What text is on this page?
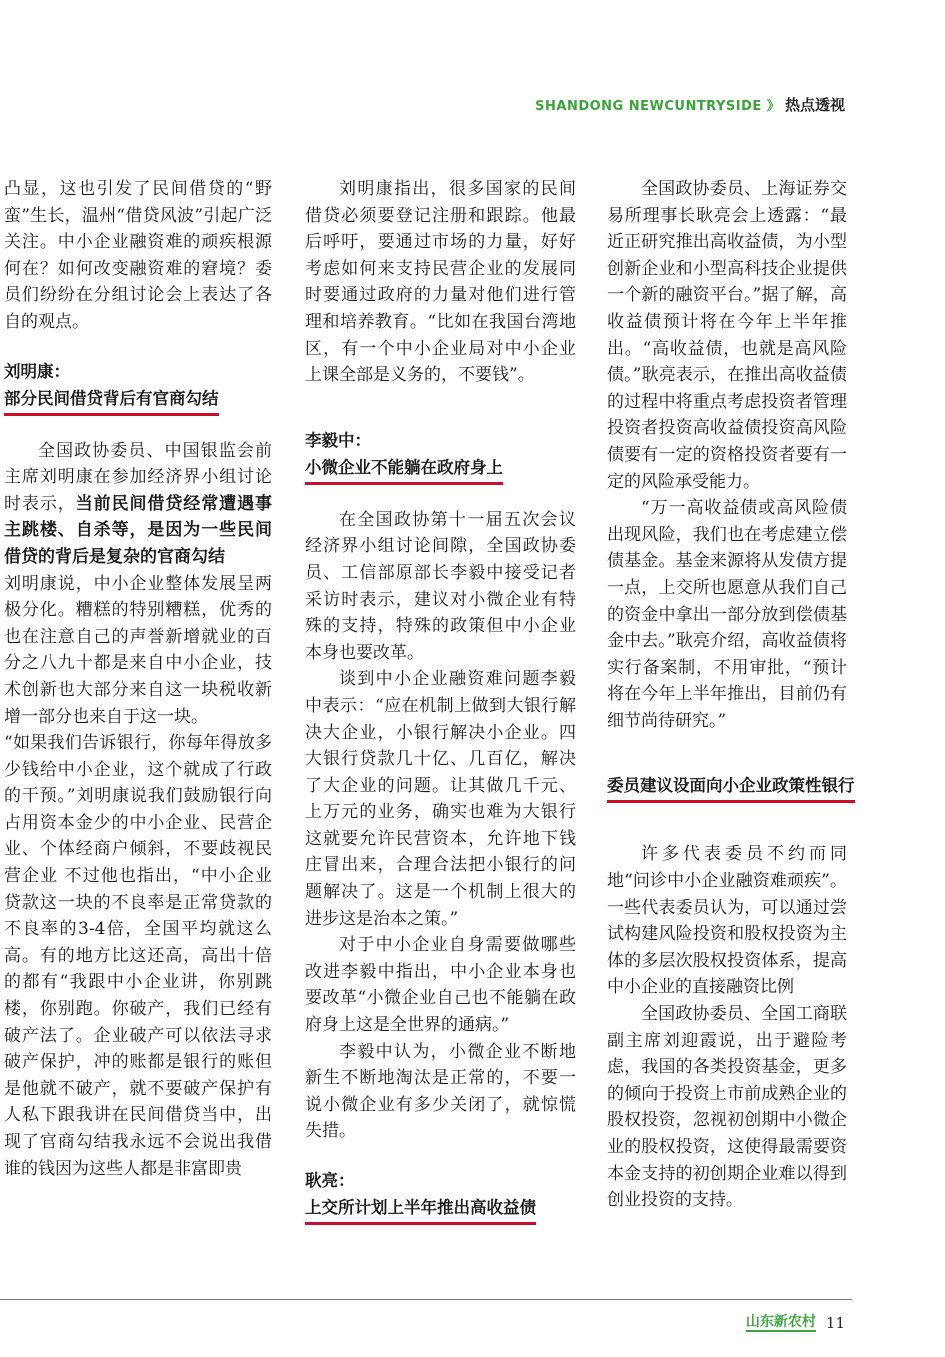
SHANDONG NEWCUNTRYSIDE 》 热点透视

凸显，这也引发了民间借贷的“野蛮”生长，温州“借贷风波”引起广泛关注。中小企业融资难的顽疾根源何在？如何改变融资难的窘境？委员们纷纷在分组讨论会上表达了各自的观点。

刘明康：
部分民间借贷背后有官商勾结

全国政协委员、中国银监会前主席刘明康在参加经济界小组讨论时表示，当前民间借贷经常遭遇事主跳楼、自杀等，是因为一些民间借贷的背后是复杂的官商勾结

刘明康说，中小企业整体发展呈两极分化。糟糕的特别糟糕，优秀的也在注意自己的声誉新增就业的百分之八九十都是来自中小企业，技术创新也大部分来自这一块税收新增一部分也来自于这一块。

“如果我们告诉银行，你每年得放多少钱给中小企业，这个就成了行政的干预。”刘明康说我们鼓励银行向占用资本金少的中小企业、民营企业、个体经商户倾斜，不要歧视民营企业 不过他也指出，“中小企业贷款这一块的不良率是正常贷款的不良率的3-4倍，全国平均就这么高。有的地方比这还高，高出十倍的都有“我跟中小企业讲，你别跳楼，你别跑。你破产，我们已经有破产法了。企业破产可以依法寻求破产保护，冲的账都是银行的账但是他就不破产，就不要破产保护有人私下跟我讲在民间借贷当中，出现了官商勾结我永远不会说出我借谁的钱因为这些人都是非富即贵

刘明康指出，很多国家的民间借贷必须要登记注册和跟踪。他最后呼吁，要通过市场的力量，好好考虑如何来支持民营企业的发展同时要通过政府的力量对他们进行管理和培养教育。“比如在我国台湾地区，有一个中小企业局对中小企业上课全部是义务的，不要钱”。

李毅中：
小微企业不能躺在政府身上

在全国政协第十一届五次会议经济界小组讨论间隙，全国政协委员、工信部原部长李毅中接受记者采访时表示，建议对小微企业有特殊的支持，特殊的政策但中小企业本身也要改革。

谈到中小企业融资难问题李毅中表示：“应在机制上做到大银行解决大企业，小银行解决小企业。四大银行贷款几十亿、几百亿，解决了大企业的问题。让其做几千元、上万元的业务，确实也难为大银行这就要允许民营资本，允许地下钱庄冒出来，合理合法把小银行的问题解决了。这是一个机制上很大的进步这是治本之策。”

对于中小企业自身需要做哪些改进李毅中指出，中小企业本身也要改革“小微企业自己也不能躺在政府身上这是全世界的通病。”

李毅中认为，小微企业不断地新生不断地淘汰是正常的，不要一说小微企业有多少关闭了，就惊慌失措。

耿亮：
上交所计划上半年推出高收益债

全国政协委员、上海证券交易所理事长耿亮会上透露：“最近正研究推出高收益债，为小型创新企业和小型高科技企业提供一个新的融资平台。”据了解，高收益债预计将在今年上半年推出。“高收益债，也就是高风险债。”耿亮表示，在推出高收益债的过程中将重点考虑投资者管理投资者投资高收益债投资高风险债要有一定的资格投资者要有一定的风险承受能力。

“万一高收益债或高风险债出现风险，我们也在考虑建立偿债基金。基金来源将从发债方提一点，上交所也愿意从我们自己的资金中拿出一部分放到偿债基金中去。”耿亮介绍，高收益债将实行备案制，不用审批，“预计将在今年上半年推出，目前仍有细节尚待研究。”

委员建议设面向小企业政策性银行

许多代表委员不约而同地“问诊中小企业融资难顽疾”。一些代表委员认为，可以通过尝试构建风险投资和股权投资为主体的多层次股权投资体系，提高中小企业的直接融资比例

全国政协委员、全国工商联副主席刘迎霞说，出于避险考虑，我国的各类投资基金，更多的倾向于投资上市前成熟企业的股权投资，忽视初创期中小微企业的股权投资，这使得最需要资本金支持的初创期企业难以得到创业投资的支持。

山东新农村 11
